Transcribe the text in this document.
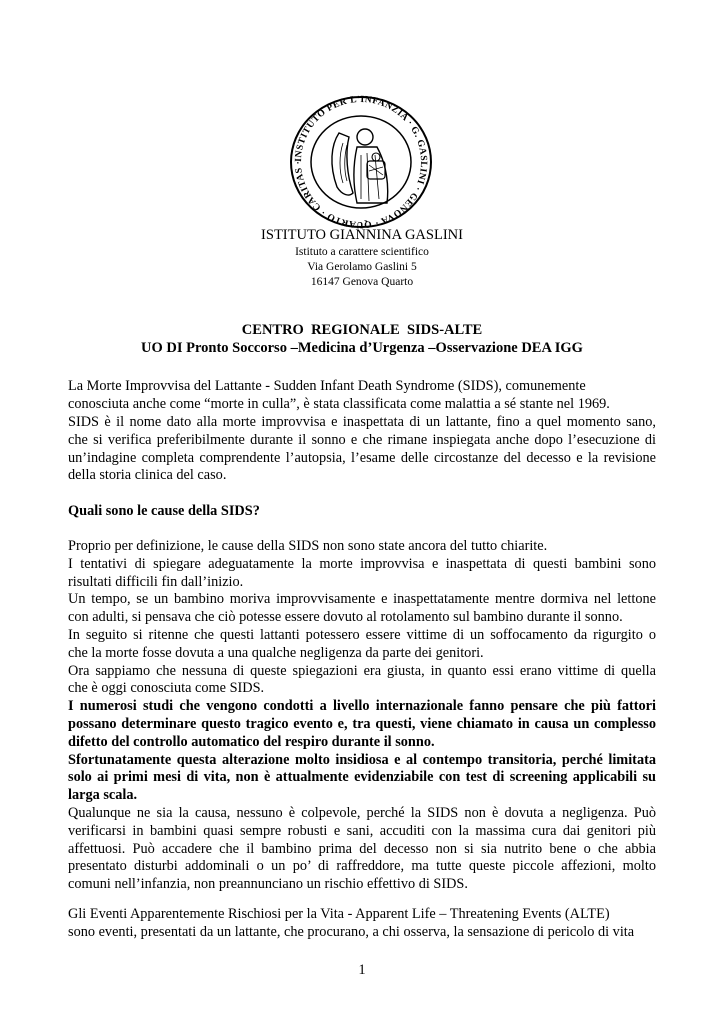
INSTITUTO PER L'INFANZIA · G. GASLINI · GENOVA · QUARTO · CARITAS ·
ISTITUTO GIANNINA GASLINI
Istituto a carattere scientifico
Via Gerolamo Gaslini 5
16147 Genova Quarto
CENTRO  REGIONALE  SIDS-ALTE
UO DI Pronto Soccorso –Medicina d’Urgenza –Osservazione DEA IGG
La Morte Improvvisa del Lattante - Sudden Infant Death Syndrome (SIDS), comunemente
conosciuta anche come “morte in culla”, è stata classificata come malattia a sé stante nel 1969.
SIDS è il nome dato alla morte improvvisa e inaspettata di un lattante, fino a quel momento sano,
che si verifica preferibilmente durante il sonno e che rimane inspiegata anche dopo l’esecuzione di
un’indagine completa comprendente l’autopsia, l’esame delle circostanze del decesso e la revisione
della storia clinica del caso.
Quali sono le cause della SIDS?
Proprio per definizione, le cause della SIDS non sono state ancora del tutto chiarite.
I tentativi di spiegare adeguatamente la morte improvvisa e inaspettata di questi bambini sono
risultati difficili fin dall’inizio.
Un tempo, se un bambino moriva improvvisamente e inaspettatamente mentre dormiva nel lettone
con adulti, si pensava che ciò potesse essere dovuto al rotolamento sul bambino durante il sonno.
In seguito si ritenne che questi lattanti potessero essere vittime di un soffocamento da rigurgito o
che la morte fosse dovuta a una qualche negligenza da parte dei genitori.
Ora sappiamo che nessuna di queste spiegazioni era giusta, in quanto essi erano vittime di quella
che è oggi conosciuta come SIDS.
I numerosi studi che vengono condotti a livello internazionale fanno pensare che più fattori
possano determinare questo tragico evento e, tra questi, viene chiamato in causa un complesso
difetto del controllo automatico del respiro durante il sonno.
Sfortunatamente questa alterazione molto insidiosa e al contempo transitoria, perché limitata
solo ai primi mesi di vita, non è attualmente evidenziabile con test di screening applicabili su
larga scala.
Qualunque ne sia la causa, nessuno è colpevole, perché la SIDS non è dovuta a negligenza. Può
verificarsi in bambini quasi sempre robusti e sani, accuditi con la massima cura dai genitori più
affettuosi. Può accadere che il bambino prima del decesso non si sia nutrito bene o che abbia
presentato disturbi addominali o un po’ di raffreddore, ma tutte queste piccole affezioni, molto
comuni nell’infanzia, non preannunciano un rischio effettivo di SIDS.
Gli Eventi Apparentemente Rischiosi per la Vita - Apparent Life – Threatening Events (ALTE)
sono eventi, presentati da un lattante, che procurano, a chi osserva, la sensazione di pericolo di vita
1
